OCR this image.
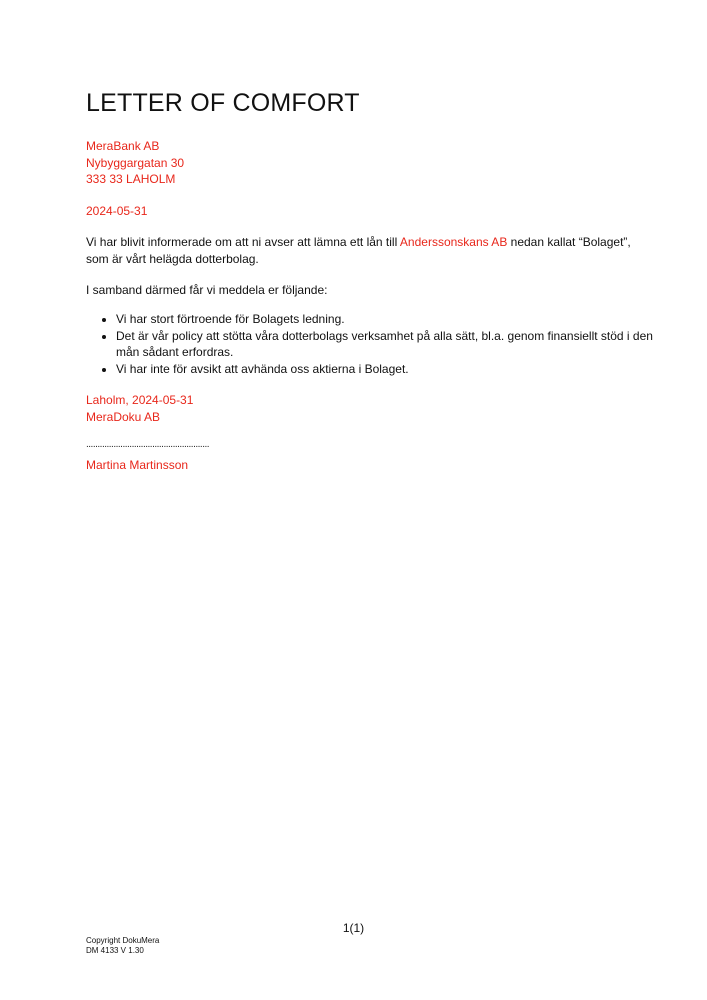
LETTER OF COMFORT
MeraBank AB
Nybyggargatan 30
333 33 LAHOLM
2024-05-31
Vi har blivit informerade om att ni avser att lämna ett lån till Anderssonskans AB nedan kallat “Bolaget”, som är vårt helägda dotterbolag.
I samband därmed får vi meddela er följande:
• Vi har stort förtroende för Bolagets ledning.
• Det är vår policy att stötta våra dotterbolags verksamhet på alla sätt, bl.a. genom finansiellt stöd i den mån sådant erfordras.
• Vi har inte för avsikt att avhända oss aktierna i Bolaget.
Laholm, 2024-05-31
MeraDoku AB
......................................................
Martina Martinsson
1(1)
Copyright DokuMera
DM 4133 V 1.30
